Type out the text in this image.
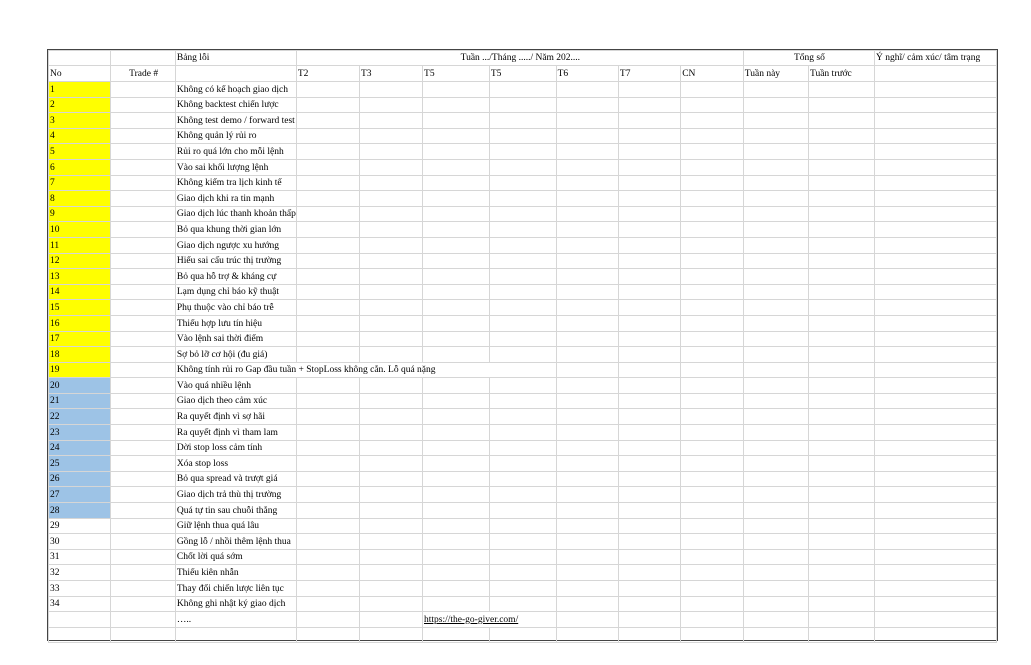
		Bảng lỗi	Tuần .../Tháng ...../ Năm 202....							Tổng số		Ý nghĩ/ cảm xúc/ tâm trạng
No	Trade #		T2	T3	T5	T5	T6	T7	CN	Tuần này	Tuần trước	
1		Không có kế hoạch giao dịch										
2		Không backtest chiến lược										
3		Không test demo / forward test										
4		Không quản lý rủi ro										
5		Rủi ro quá lớn cho mỗi lệnh										
6		Vào sai khối lượng lệnh										
7		Không kiểm tra lịch kinh tế										
8		Giao dịch khi ra tin mạnh										
9		Giao dịch lúc thanh khoản thấp										
10		Bỏ qua khung thời gian lớn										
11		Giao dịch ngược xu hướng										
12		Hiểu sai cấu trúc thị trường										
13		Bỏ qua hỗ trợ & kháng cự										
14		Lạm dụng chỉ báo kỹ thuật										
15		Phụ thuộc vào chỉ báo trễ										
16		Thiếu hợp lưu tín hiệu										
17		Vào lệnh sai thời điểm										
18		Sợ bỏ lỡ cơ hội (đu giá)										
19		Không tính rủi ro Gap đầu tuần + StopLoss không cắn. Lỗ quá nặng										
20		Vào quá nhiều lệnh										
21		Giao dịch theo cảm xúc										
22		Ra quyết định vì sợ hãi										
23		Ra quyết định vì tham lam										
24		Dời stop loss cảm tính										
25		Xóa stop loss										
26		Bỏ qua spread và trượt giá										
27		Giao dịch trả thù thị trường										
28		Quá tự tin sau chuỗi thắng										
29		Giữ lệnh thua quá lâu										
30		Gồng lỗ / nhồi thêm lệnh thua										
31		Chốt lời quá sớm										
32		Thiếu kiên nhẫn										
33		Thay đổi chiến lược liên tục										
34		Không ghi nhật ký giao dịch										
		…..			https://the-go-giver.com/							
